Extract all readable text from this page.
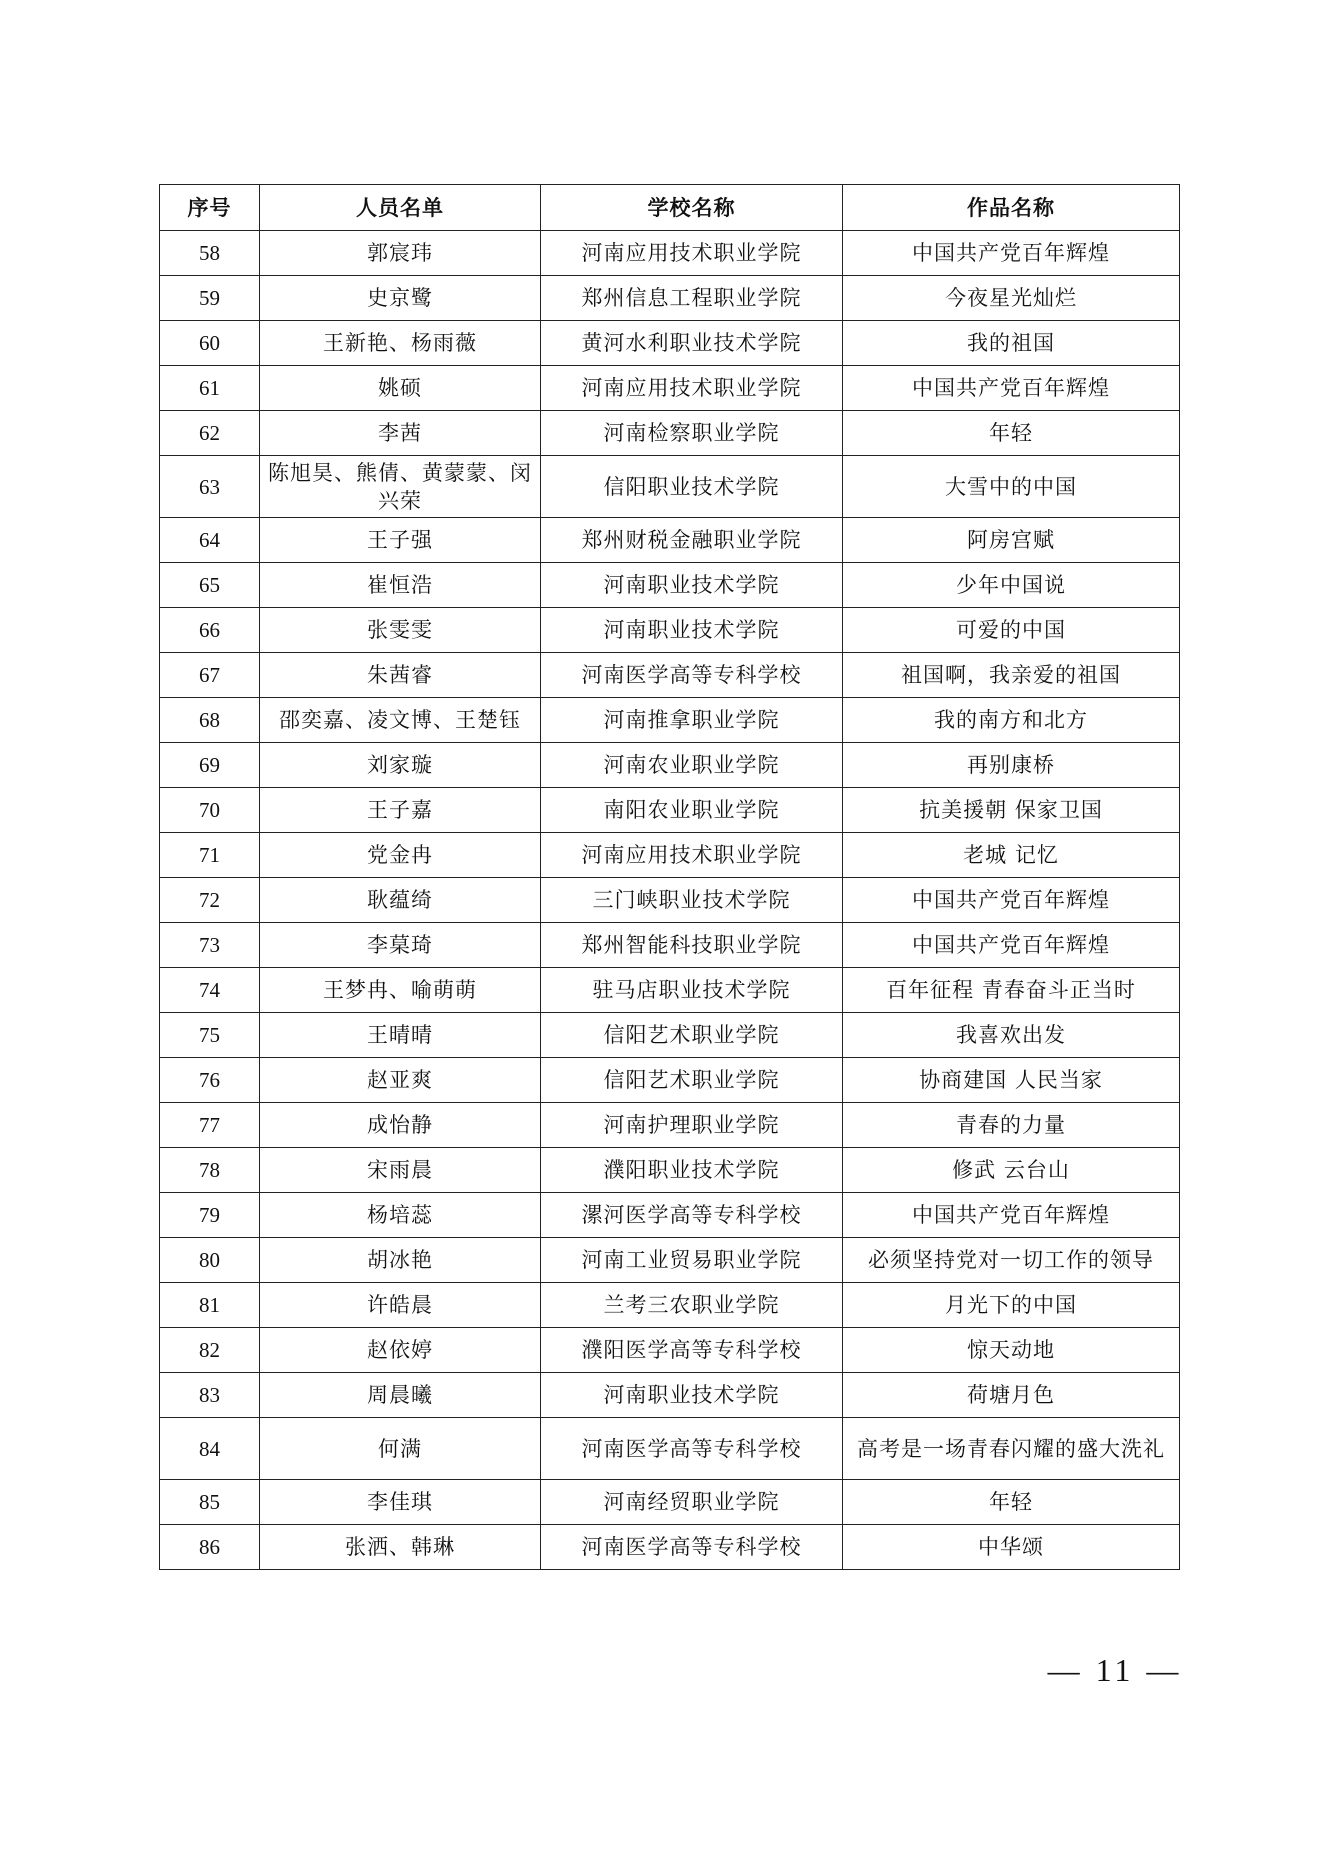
序号	人员名单	学校名称	作品名称
58	郭宸玮	河南应用技术职业学院	中国共产党百年辉煌
59	史京鹭	郑州信息工程职业学院	今夜星光灿烂
60	王新艳、杨雨薇	黄河水利职业技术学院	我的祖国
61	姚硕	河南应用技术职业学院	中国共产党百年辉煌
62	李茜	河南检察职业学院	年轻
63	陈旭昊、熊倩、黄蒙蒙、闵兴荣	信阳职业技术学院	大雪中的中国
64	王子强	郑州财税金融职业学院	阿房宫赋
65	崔恒浩	河南职业技术学院	少年中国说
66	张雯雯	河南职业技术学院	可爱的中国
67	朱茜睿	河南医学高等专科学校	祖国啊，我亲爱的祖国
68	邵奕嘉、凌文博、王楚钰	河南推拿职业学院	我的南方和北方
69	刘家璇	河南农业职业学院	再别康桥
70	王子嘉	南阳农业职业学院	抗美援朝 保家卫国
71	党金冉	河南应用技术职业学院	老城 记忆
72	耿蕴绮	三门峡职业技术学院	中国共产党百年辉煌
73	李菒琦	郑州智能科技职业学院	中国共产党百年辉煌
74	王梦冉、喻萌萌	驻马店职业技术学院	百年征程 青春奋斗正当时
75	王晴晴	信阳艺术职业学院	我喜欢出发
76	赵亚爽	信阳艺术职业学院	协商建国 人民当家
77	成怡静	河南护理职业学院	青春的力量
78	宋雨晨	濮阳职业技术学院	修武 云台山
79	杨培蕊	漯河医学高等专科学校	中国共产党百年辉煌
80	胡冰艳	河南工业贸易职业学院	必须坚持党对一切工作的领导
81	许皓晨	兰考三农职业学院	月光下的中国
82	赵依婷	濮阳医学高等专科学校	惊天动地
83	周晨曦	河南职业技术学院	荷塘月色
84	何满	河南医学高等专科学校	高考是一场青春闪耀的盛大洗礼
85	李佳琪	河南经贸职业学院	年轻
86	张洒、韩琳	河南医学高等专科学校	中华颂
— 11 —
